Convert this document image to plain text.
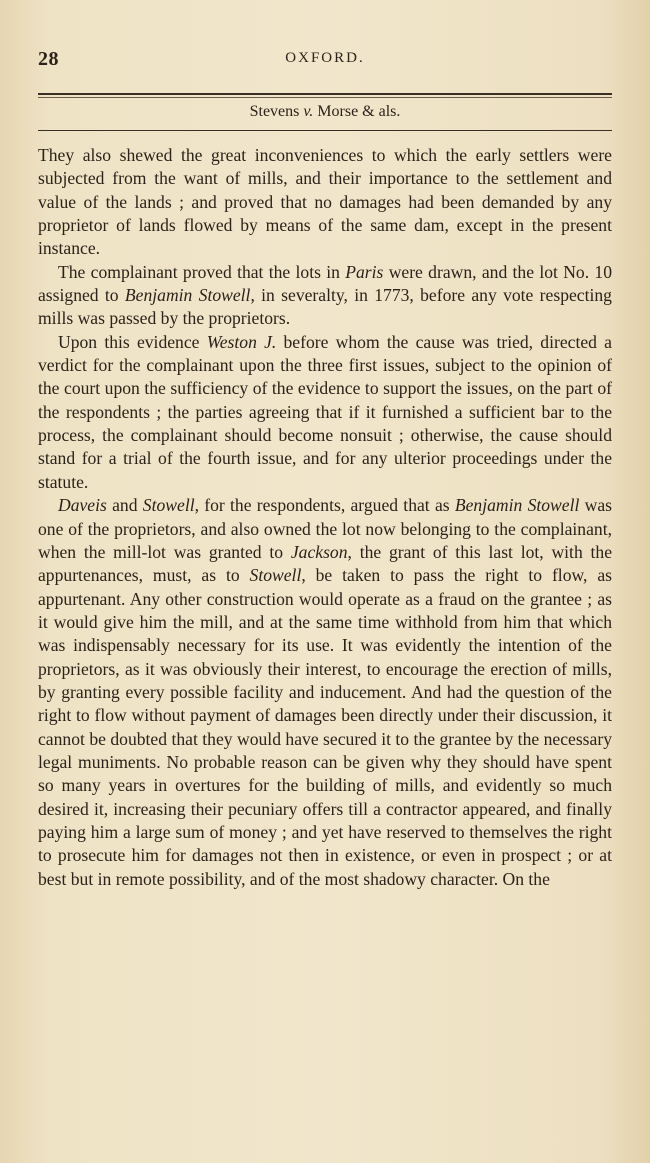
28	OXFORD.
Stevens v. Morse & als.

They also shewed the great inconveniences to which the early settlers were subjected from the want of mills, and their importance to the settlement and value of the lands ; and proved that no damages had been demanded by any proprietor of lands flowed by means of the same dam, except in the present instance.

The complainant proved that the lots in Paris were drawn, and the lot No. 10 assigned to Benjamin Stowell, in severalty, in 1773, before any vote respecting mills was passed by the proprietors.

Upon this evidence Weston J. before whom the cause was tried, directed a verdict for the complainant upon the three first issues, subject to the opinion of the court upon the sufficiency of the evidence to support the issues, on the part of the respondents ; the parties agreeing that if it furnished a sufficient bar to the process, the complainant should become nonsuit ; otherwise, the cause should stand for a trial of the fourth issue, and for any ulterior proceedings under the statute.

Daveis and Stowell, for the respondents, argued that as Benjamin Stowell was one of the proprietors, and also owned the lot now belonging to the complainant, when the mill-lot was granted to Jackson, the grant of this last lot, with the appurtenances, must, as to Stowell, be taken to pass the right to flow, as appurtenant. Any other construction would operate as a fraud on the grantee ; as it would give him the mill, and at the same time withhold from him that which was indispensably necessary for its use. It was evidently the intention of the proprietors, as it was obviously their interest, to encourage the erection of mills, by granting every possible facility and inducement. And had the question of the right to flow without payment of damages been directly under their discussion, it cannot be doubted that they would have secured it to the grantee by the necessary legal muniments. No probable reason can be given why they should have spent so many years in overtures for the building of mills, and evidently so much desired it, increasing their pecuniary offers till a contractor appeared, and finally paying him a large sum of money ; and yet have reserved to themselves the right to prosecute him for damages not then in existence, or even in prospect ; or at best but in remote possibility, and of the most shadowy character. On the
